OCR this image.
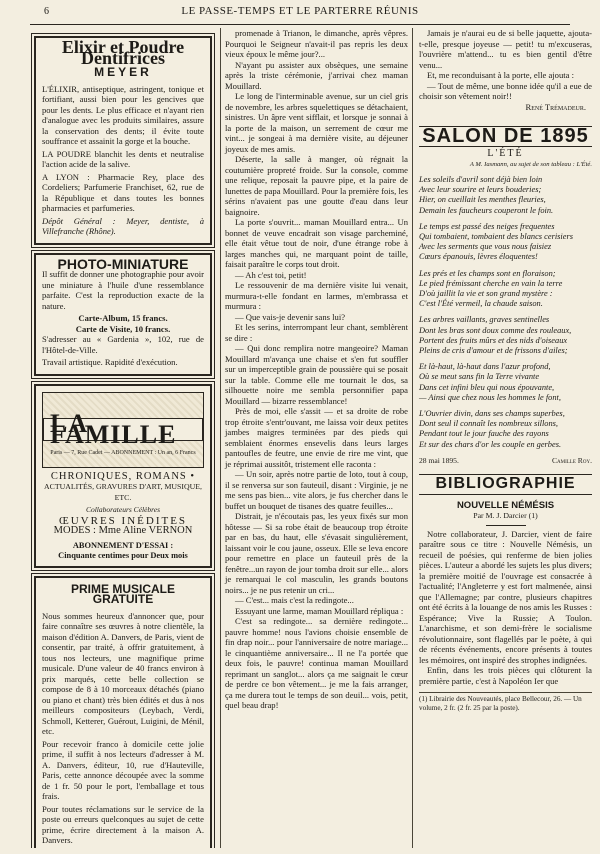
6	LE PASSE-TEMPS ET LE PARTERRE RÉUNIS
Elixir et Poudre Dentifrices
MEYER

L'ÉLIXIR, antiseptique, astringent, tonique et fortifiant, aussi bien pour les gencives que pour les dents. Le plus efficace et n'ayant rien d'analogue avec les produits similaires, assure la conservation des dents; il évite toute souffrance et assainit la gorge et la bouche.

LA POUDRE blanchit les dents et neutralise l'action acide de la salive.

A LYON : Pharmacie Rey, place des Cordeliers; Parfumerie Franchiset, 62, rue de la République et dans toutes les bonnes pharmacies et parfumeries.

Dépôt Général : Meyer, dentiste, à Villefranche (Rhône).

PHOTO-MINIATURE

Il suffit de donner une photographie pour avoir une miniature à l'huile d'une ressemblance parfaite. C'est la reproduction exacte de la nature.

Carte-Album, 15 francs.
Carte de Visite, 10 francs.

S'adresser au « Gardenia », 102, rue de l'Hôtel-de-Ville.

Travail artistique. Rapidité d'exécution.

LA FAMILLE
Paris — 7, Rue Cadet — ABONNEMENT : Un an, 6 Francs
CHRONIQUES, ROMANS •
ACTUALITÉS, GRAVURES D'ART, MUSIQUE, ETC.
Collaborateurs Célèbres
ŒUVRES INÉDITES
MODES : Mme Aline VERNON
ABONNEMENT D'ESSAI :
Cinquante centimes pour Deux mois
PRIME MUSICALE GRATUITE

Nous sommes heureux d'annoncer que, pour faire connaître ses œuvres à notre clientèle, la maison d'édition A. Danvers, de Paris, vient de consentir, par traité, à offrir gratuitement, à tous nos lecteurs, une magnifique prime musicale. D'une valeur de 40 francs environ à prix marqués, cette belle collection se compose de 8 à 10 morceaux détachés (piano ou piano et chant) très bien édités et dus à nos meilleurs compositeurs (Leybach, Verdi, Schmoll, Ketterer, Guérout, Luigini, de Ménil, etc.

Pour recevoir franco à domicile cette jolie prime, il suffit à nos lecteurs d'adresser à M. A. Danvers, éditeur, 10, rue d'Hauteville, Paris, cette annonce découpée avec la somme de 1 fr. 50 pour le port, l'emballage et tous frais.

Pour toutes réclamations sur le service de la poste ou erreurs quelconques au sujet de cette prime, écrire directement à la maison A. Danvers.

promenade à Trianon, le dimanche, après vêpres. Pourquoi le Seigneur n'avait-il pas repris les deux vieux époux le même jour?...

N'ayant pu assister aux obsèques, une semaine après la triste cérémonie, j'arrivai chez maman Mouillard.

Le long de l'interminable avenue, sur un ciel gris de novembre, les arbres squelettiques se détachaient, sinistres. Un âpre vent sifflait, et lorsque je sonnai à la porte de la maison, un serrement de cœur me vint... je songeai à ma dernière visite, au déjeuner joyeux de mes amis.

Déserte, la salle à manger, où régnait la coutumière propreté froide. Sur la console, comme une relique, reposait la pauvre pipe, et la paire de lunettes de papa Mouillard. Pour la première fois, les sérins n'avaient pas une goutte d'eau dans leur baignoire.

La porte s'ouvrit... maman Mouillard entra... Un bonnet de veuve encadrait son visage parcheminé, elle était vêtue tout de noir, d'une étrange robe à larges manches qui, ne marquant point de taille, faisait paraître le corps tout droit.

— Ah c'est toi, petit!

Le ressouvenir de ma dernière visite lui venait, murmura-t-elle fondant en larmes, m'embrassa et murmura :

— Que vais-je devenir sans lui?

Et les serins, interrompant leur chant, semblèrent se dire :

— Qui donc remplira notre mangeoire? Maman Mouillard m'avança une chaise et s'en fut souffler sur un imperceptible grain de poussière qui se posait sur la table. Comme elle me tournait le dos, sa silhouette noire me sembla personnifier papa Mouillard — bizarre ressemblance!

Près de moi, elle s'assit — et sa droite de robe trop étroite s'entr'ouvant, me laissa voir deux petites jambes maigres terminées par des pieds qui semblaient énormes ensevelis dans leurs larges pantoufles de feutre, une envie de rire me vint, que je réprimai aussitôt, tristement elle raconta :

— Un soir, après notre partie de loto, tout à coup, il se renversa sur son fauteuil, disant : Virginie, je ne me sens pas bien... vite alors, je fus chercher dans le buffet un bouquet de tisanes des quatre feuilles...

Distrait, je n'écoutais pas, les yeux fixés sur mon hôtesse — Si sa robe était de beaucoup trop étroite par en bas, du haut, elle s'évasait singulièrement, laissant voir le cou jaune, osseux. Elle se leva encore pour remettre en place un fauteuil près de la fenêtre...un rayon de jour tomba droit sur elle... alors je remarquai le col masculin, les grands boutons noirs... je ne pus retenir un cri...

— C'est... mais c'est la redingote...

Essuyant une larme, maman Mouillard répliqua :

C'est sa redingote... sa dernière redingote... pauvre homme! nous l'avions choisie ensemble de fin drap noir... pour l'anniversaire de notre mariage... le cinquantième anniversaire... Il ne l'a portée que deux fois, le pauvre! continua maman Mouillard reprimant un sanglot... alors ça me saignait le cœur de perdre ce bon vêtement... je me la fais arranger, ça me durera tout le temps de son deuil... vois, petit, quel beau drap!

Jamais je n'aurai eu de si belle jaquette, ajouta-t-elle, presque joyeuse — petit! tu m'excuseras, l'ouvrière m'attend... tu es bien gentil d'être venu...

Et, me reconduisant à la porte, elle ajouta :

— Tout de même, une bonne idée qu'il a eue de choisir son vêtement noir!!

René Trémadeur.
SALON DE 1895
L'ÉTÉ
A M. Iasmann, au sujet de son tableau : L'Été.
Les soleils d'avril sont déjà bien loin
Avec leur sourire et leurs bouderies;
Hier, on cueillait les menthes fleuries,
Demain les faucheurs couperont le foin.
Le temps est passé des neiges frequentes
Qui tombaient, tombaient des blancs cerisiers
Avec les serments que vous nous faisiez
Cœurs épanouis, lèvres éloquentes!
Les prés et les champs sont en floraison;
Le pied frémissant cherche en vain la terre
D'où jaillit la vie et son grand mystère :
C'est l'Été vermeil, la chaude saison.
Les arbres vaillants, graves sentinelles
Dont les bras sont doux comme des rouleaux,
Portent des fruits mûrs et des nids d'oiseaux
Pleins de cris d'amour et de frissons d'ailes;
Et là-haut, là-haut dans l'azur profond,
Où se meut sans fin la Terre vivante
Dans cet infini bleu qui nous épouvante,
— Ainsi que chez nous les hommes le font,
L'Ouvrier divin, dans ses champs superbes,
Dont seul il connaît les nombreux sillons,
Pendant tout le jour fauche des rayons
Et sur des chars d'or les couple en gerbes.
28 mai 1895.	Camille Roy.
BIBLIOGRAPHIE
NOUVELLE NÉMÉSIS
Par M. J. Darcier (1)

Notre collaborateur, J. Darcier, vient de faire paraître sous ce titre : Nouvelle Némésis, un recueil de poésies, qui renferme de bien jolies pièces. L'auteur a abordé les sujets les plus divers; la première moitié de l'ouvrage est consacrée à l'actualité; l'Angleterre y est fort malmenée, ainsi que l'Allemagne; par contre, plusieurs chapitres ont été écrits à la louange de nos amis les Russes : Espérance; Vive la Russie; A Toulon. L'anarchisme, et son demi-frère le socialisme révolutionnaire, sont flagellés par le poète, à qui de récents événements, encore présents à toutes les mémoires, ont inspiré des strophes indignées.

Enfin, dans les trois pièces qui clôturent la première partie, c'est à Napoléon Ier que

(1) Librairie des Nouveautés, place Bellecour, 26. — Un volume, 2 fr. (2 fr. 25 par la poste).
